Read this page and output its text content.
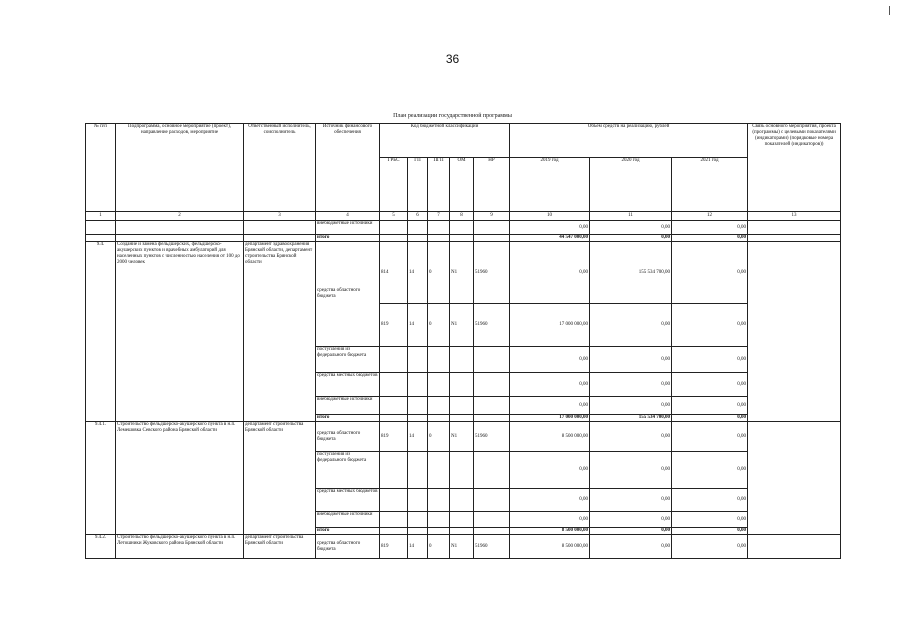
36
План реализации государственной программы
№ п/п	Подпрограмма, основное мероприятие (проект), направление расходов, мероприятие	Ответственный исполнитель, соисполнитель	Источник финансового обеспечения	Код бюджетной классификации					Объем средств на реализацию, рублей			Связь основного мероприятия, проекта (программы) с целевыми показателями (индикаторами) (порядковые номера показателей (индикаторов))
				ГРБС	ГП	ПГП	ОМ	НР	2019 год	2020 год	2021 год	
1	2	3	4	5	6	7	8	9	10	11	12	13
			внебюджетные источники						0,00	0,00	0,00	
			итого						44 547 000,00	0,00	0,00	
9.4.	Создание и замена фельдшерских, фельдшерско-акушерских пунктов и врачебных амбулаторий для населенных пунктов с численностью населения от 100 до 2000 человек	департамент здравоохранения Брянской области, департамент строительства Брянской области	средства областного бюджета	814	14	0	N1	51960	0,00	155 534 700,00	0,00	
				819	14	0	N1	51960	17 000 000,00	0,00	0,00	
			поступления из федерального бюджета						0,00	0,00	0,00	
			средства местных бюджетов						0,00	0,00	0,00	
			внебюджетные источники						0,00	0,00	0,00	
			итого						17 000 000,00	155 534 700,00	0,00	
9.4.1.	Строительство фельдшерско-акушерского пункта в н.п. Лемешовка Севского района Брянской области	департамент строительства Брянской области	средства областного бюджета	819	14	0	N1	51960	8 500 000,00	0,00	0,00	
			поступления из федерального бюджета						0,00	0,00	0,00	
			средства местных бюджетов						0,00	0,00	0,00	
			внебюджетные источники						0,00	0,00	0,00	
			итого						8 500 000,00	0,00	0,00	
9.4.2.	Строительство фельдшерско-акушерского пункта в н.п. Летошники Жуковского района Брянской области	департамент строительства Брянской области	средства областного бюджета	819	14	0	N1	51960	8 500 000,00	0,00	0,00	
